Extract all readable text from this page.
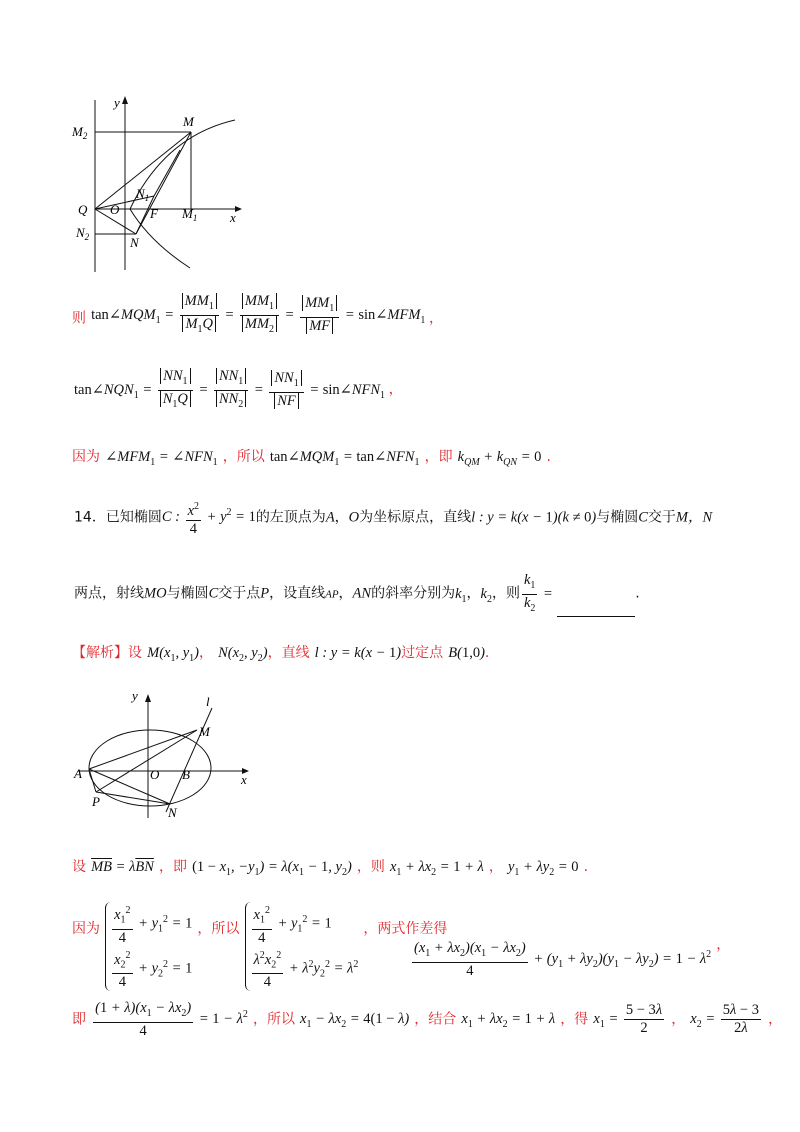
y
x
M
$M_2$
$N_1$
Q O F $M_1$
$N_2$	N
则 $\tan\angle MQM_1 = \frac{MM_1}{M_1Q} = \frac{MM_1}{MM_2} = \frac{MM_1}{MF}$ = $\sin\angle MFM_1$ ，
$\tan\angle NQN_1 = \frac{NN_1}{N_1Q} = \frac{NN_1}{NN_2} = \frac{NN_1}{NF}$ = $\sin\angle NFN_1$ ，
因为 $\angle MFM_1$ = $\angle NFN_1$ ，所以 $\tan\angle MQM_1$ = $\tan\angle NFN_1$ ，即 $k_{QM} + k_{QN} = 0$ .
14．已知椭圆C : $\frac{x^2}{4} + y^2 = 1$的左顶点为A，O为坐标原点，直线l : y = k(x − 1)(k ≠ 0)与椭圆C交于M，N
两点，射线MO与椭圆C交于点P，设直线AP，AN的斜率分别为$k_1$，$k_2$，则 $\frac{k_1}{k_2}$ =	.
【解析】设 $M(x_1$, $y_1$)， $N(x_2$, $y_2$)，直线 l : y = k(x − 1)过定点 B(1,0).
y	l
M
A	O B	x
P
N
设 $\overline{MB} = \lambda\overline{BN}$ ，即 ($1 - x_1$, $-y_1) = \lambda(x_1 - 1$, $y_2$) ，则 $x_1 + \lambda x_2 = 1 + \lambda$ ， $y_1 + \lambda y_2 = 0$ .
因为 $\frac{x_1^2}{4} + y_1^2 = 1$
$\frac{x_2^2}{4} + y_2^2 = 1$
，所以 $\frac{x_1^2}{4} + y_1^2 = 1$
$\frac{\lambda^2x_2^2}{4} + \lambda^2y_2^2 = \lambda^2$
，两式作差得
$\frac{(x_1 + \lambda x_2)(x_1 - \lambda x_2)}{4} + (y_1 + \lambda y_2)(y_1 - \lambda y_2) = 1 - \lambda^2$ ，
即 $\frac{(1 + \lambda)(x_1 - \lambda x_2)}{4} = 1 - \lambda^2$ ，所以 $x_1 - \lambda x_2 = 4(1 - \lambda)$ ，结合 $x_1 + \lambda x_2 = 1 + \lambda$ ，得 $x_1 = \frac{5 - 3\lambda}{2}$ ， $x_2 = \frac{5\lambda - 3}{2\lambda}$ ，
